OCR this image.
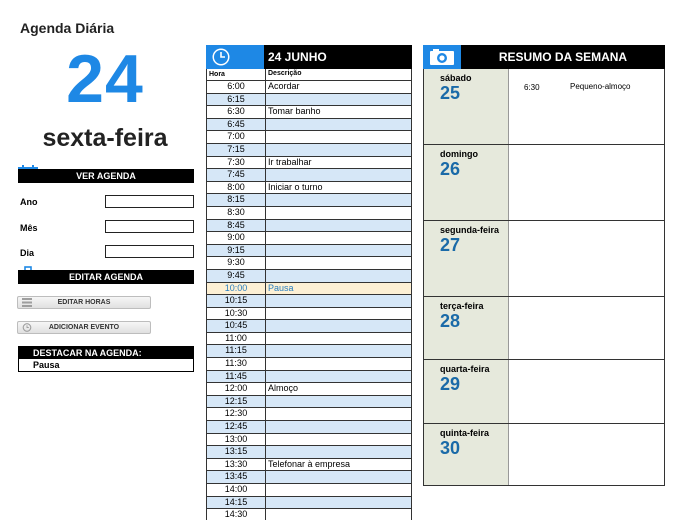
Agenda Diária
24
sexta-feira
VER AGENDA
Ano
Mês
Dia
EDITAR AGENDA
EDITAR HORAS
ADICIONAR EVENTO
DESTACAR NA AGENDA:
Pausa
24 JUNHO
Hora	Descrição
6:00	Acordar
6:15
6:30	Tomar banho
6:45
7:00
7:15
7:30	Ir trabalhar
7:45
8:00	Iniciar o turno
8:15
8:30
8:45
9:00
9:15
9:30
9:45
10:00	Pausa
10:15
10:30
10:45
11:00
11:15
11:30
11:45
12:00	Almoço
12:15
12:30
12:45
13:00
13:15
13:30	Telefonar à empresa
13:45
14:00
14:15
14:30
RESUMO DA SEMANA
sábado
25	6:30	Pequeno-almoço
domingo
26
segunda-feira
27
terça-feira
28
quarta-feira
29
quinta-feira
30
